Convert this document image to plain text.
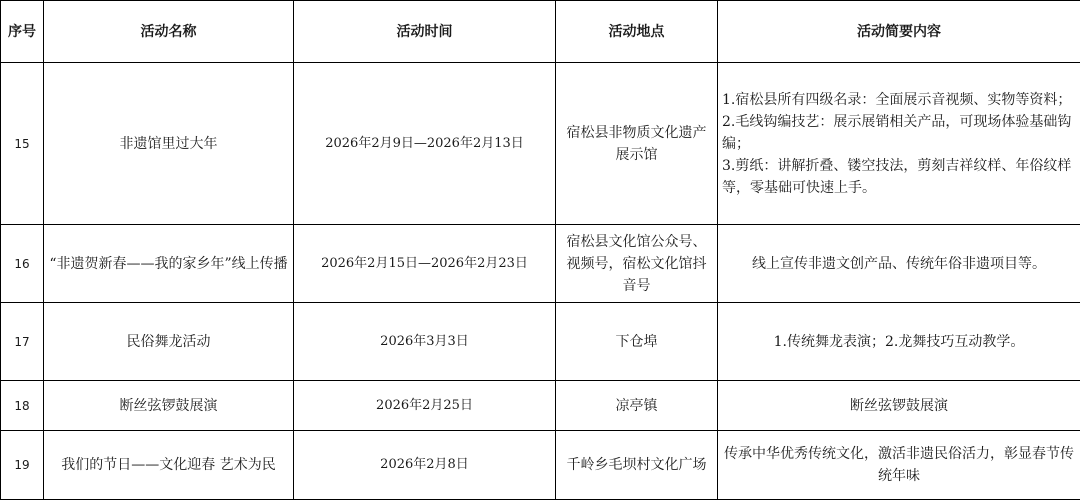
序号	活动名称	活动时间	活动地点	活动简要内容
15	非遗馆里过大年	2026年2月9日—2026年2月13日	宿松县非物质文化遗产展示馆	1.宿松县所有四级名录：全面展示音视频、实物等资料；
2.毛线钩编技艺：展示展销相关产品，可现场体验基础钩编；
3.剪纸：讲解折叠、镂空技法，剪刻吉祥纹样、年俗纹样等，零基础可快速上手。

16	“非遗贺新春——我的家乡年”线上传播	2026年2月15日—2026年2月23日	宿松县文化馆公众号、视频号，宿松文化馆抖音号	线上宣传非遗文创产品、传统年俗非遗项目等。

17	民俗舞龙活动	2026年3月3日	下仓埠	1.传统舞龙表演；2.龙舞技巧互动教学。

18	断丝弦锣鼓展演	2026年2月25日	凉亭镇	断丝弦锣鼓展演

19	我们的节日——文化迎春 艺术为民	2026年2月8日	千岭乡毛坝村文化广场	传承中华优秀传统文化，激活非遗民俗活力，彰显春节传统年味
